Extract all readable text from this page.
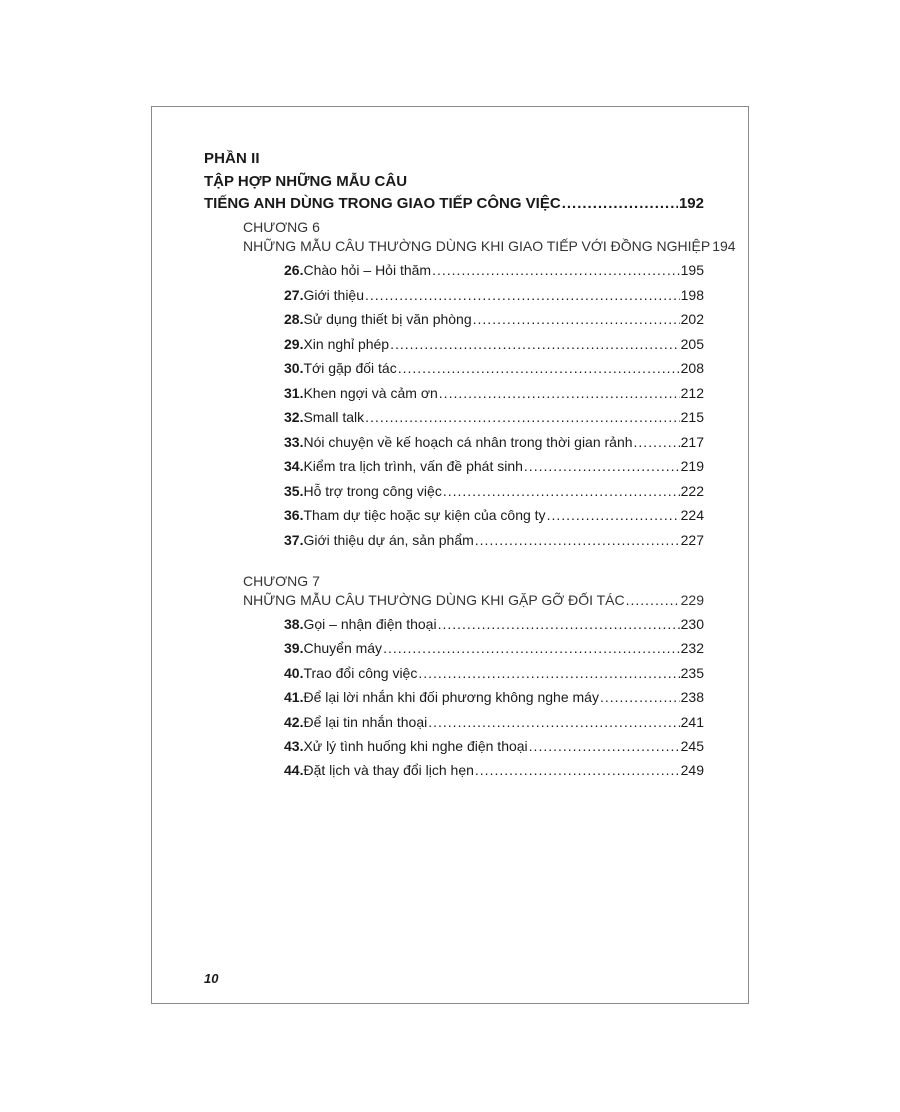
PHẦN II
TẬP HỢP NHỮNG MẪU CÂU
TIẾNG ANH DÙNG TRONG GIAO TIẾP CÔNG VIỆC .....	192
CHƯƠNG 6
NHỮNG MẪU CÂU THƯỜNG DÙNG KHI GIAO TIẾP VỚI ĐỒNG NGHIỆP 194
26. Chào hỏi – Hỏi thăm .....	195
27. Giới thiệu .....	198
28. Sử dụng thiết bị văn phòng .....	202
29. Xin nghỉ phép .....	205
30. Tới gặp đối tác .....	208
31. Khen ngợi và cảm ơn .....	212
32. Small talk .....	215
33. Nói chuyện về kế hoạch cá nhân trong thời gian rảnh .....	217
34. Kiểm tra lịch trình, vấn đề phát sinh .....	219
35. Hỗ trợ trong công việc .....	222
36. Tham dự tiệc hoặc sự kiện của công ty .....	224
37. Giới thiệu dự án, sản phẩm .....	227
CHƯƠNG 7
NHỮNG MẪU CÂU THƯỜNG DÙNG KHI GẶP GỠ ĐỐI TÁC .....	229
38. Gọi – nhận điện thoại .....	230
39. Chuyển máy .....	232
40. Trao đổi công việc .....	235
41. Để lại lời nhắn khi đối phương không nghe máy .....	238
42. Để lại tin nhắn thoại .....	241
43. Xử lý tình huống khi nghe điện thoại .....	245
44. Đặt lịch và thay đổi lịch hẹn .....	249
10
